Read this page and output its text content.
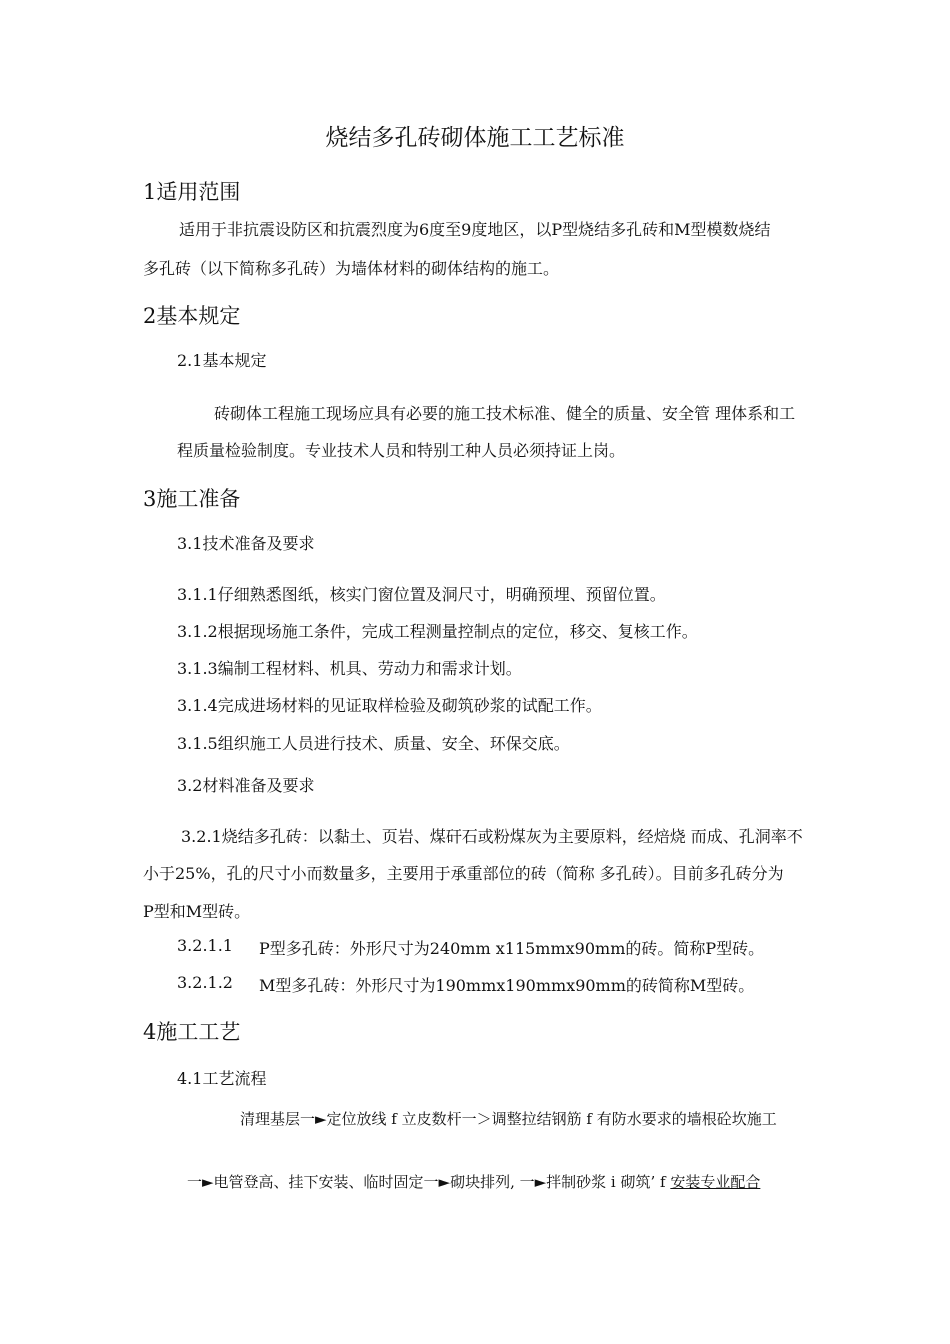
烧结多孔砖砌体施工工艺标准
1适用范围
适用于非抗震设防区和抗震烈度为6度至9度地区，以P型烧结多孔砖和M型模数烧结
多孔砖（以下简称多孔砖）为墙体材料的砌体结构的施工。
2基本规定
2.1基本规定
砖砌体工程施工现场应具有必要的施工技术标准、健全的质量、安全管 理体系和工
程质量检验制度。专业技术人员和特别工种人员必须持证上岗。
3施工准备
3.1技术准备及要求
3.1.1仔细熟悉图纸，核实门窗位置及洞尺寸，明确预埋、预留位置。
3.1.2根据现场施工条件，完成工程测量控制点的定位，移交、复核工作。
3.1.3编制工程材料、机具、劳动力和需求计划。
3.1.4完成进场材料的见证取样检验及砌筑砂浆的试配工作。
3.1.5组织施工人员进行技术、质量、安全、环保交底。
3.2材料准备及要求
3.2.1烧结多孔砖：以黏土、页岩、煤矸石或粉煤灰为主要原料，经焙烧 而成、孔洞率不
小于25%，孔的尺寸小而数量多，主要用于承重部位的砖（简称 多孔砖）。目前多孔砖分为
P型和M型砖。
3.2.1.1 P型多孔砖：外形尺寸为240mm x115mmx90mm的砖。简称P型砖。
3.2.1.2 M型多孔砖：外形尺寸为190mmx190mmx90mm的砖简称M型砖。
4施工工艺
4.1工艺流程
清理基层一►定位放线 f 立皮数杆一＞调整拉结钢筋 f 有防水要求的墙根砼坎施工
一►电管登高、挂下安装、临时固定一►砌块排列, 一►拌制砂浆 i 砌筑’ f 安装专业配合
